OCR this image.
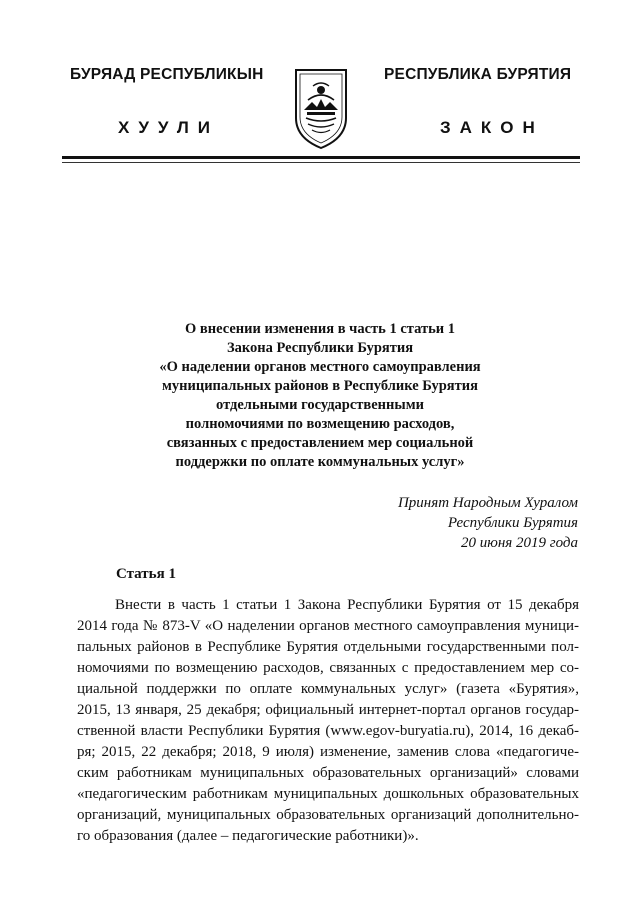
БУРЯАД РЕСПУБЛИКЫН	РЕСПУБЛИКА БУРЯТИЯ
ХУУЛИ	ЗАКОН
О внесении изменения в часть 1 статьи 1
Закона Республики Бурятия
«О наделении органов местного самоуправления
муниципальных районов в Республике Бурятия
отдельными государственными
полномочиями по возмещению расходов,
связанных с предоставлением мер социальной
поддержки по оплате коммунальных услуг»
Принят Народным Хуралом
Республики Бурятия
20 июня 2019 года
Статья 1
Внести в часть 1 статьи 1 Закона Республики Бурятия от 15 декабря
2014 года № 873-V «О наделении органов местного самоуправления муници-
пальных районов в Республике Бурятия отдельными государственными пол-
номочиями по возмещению расходов, связанных с предоставлением мер со-
циальной поддержки по оплате коммунальных услуг» (газета «Бурятия»,
2015, 13 января, 25 декабря; официальный интернет-портал органов государ-
ственной власти Республики Бурятия (www.egov-buryatia.ru), 2014, 16 декаб-
ря; 2015, 22 декабря; 2018, 9 июля) изменение, заменив слова «педагогиче-
ским работникам муниципальных образовательных организаций» словами
«педагогическим работникам муниципальных дошкольных образовательных
организаций, муниципальных образовательных организаций дополнительно-
го образования (далее – педагогические работники)».
